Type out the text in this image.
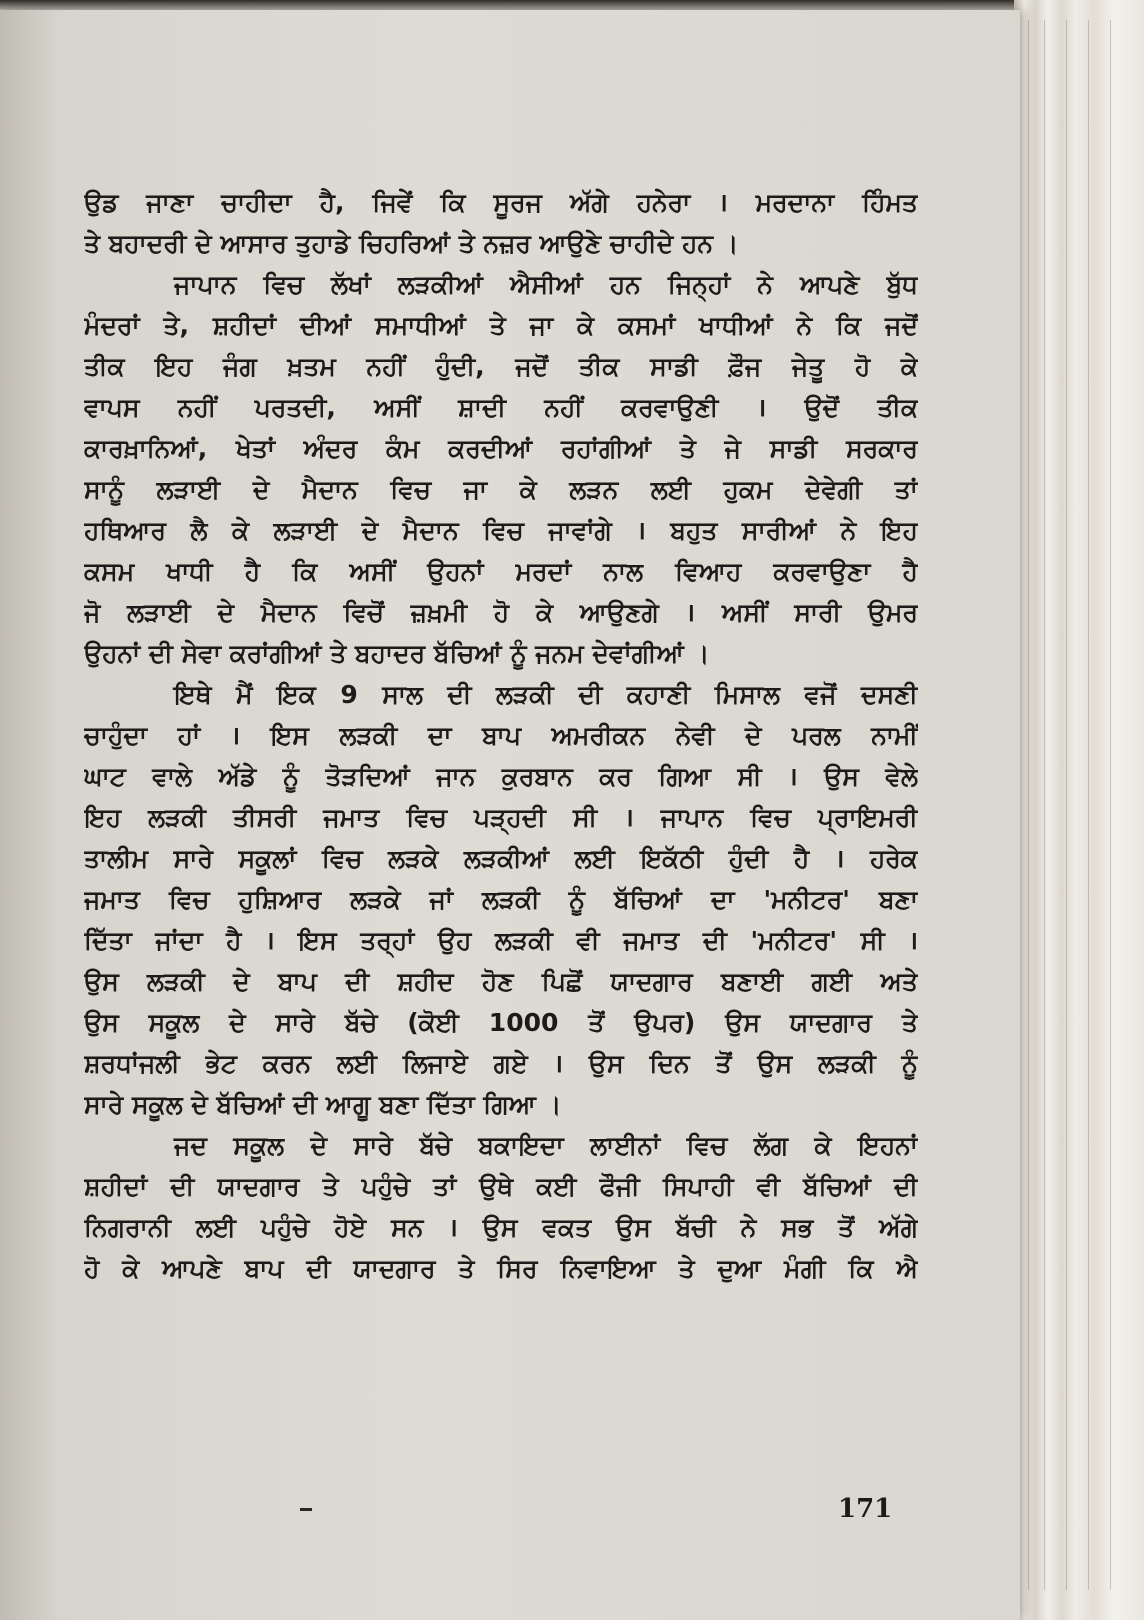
ਉਡ ਜਾਣਾ ਚਾਹੀਦਾ ਹੈ, ਜਿਵੇਂ ਕਿ ਸੂਰਜ ਅੱਗੇ ਹਨੇਰਾ । ਮਰਦਾਨਾ ਹਿੰਮਤ
ਤੇ ਬਹਾਦਰੀ ਦੇ ਆਸਾਰ ਤੁਹਾਡੇ ਚਿਹਰਿਆਂ ਤੇ ਨਜ਼ਰ ਆਉਣੇ ਚਾਹੀਦੇ ਹਨ ।
ਜਾਪਾਨ ਵਿਚ ਲੱਖਾਂ ਲੜਕੀਆਂ ਐਸੀਆਂ ਹਨ ਜਿਨ੍ਹਾਂ ਨੇ ਆਪਣੇ ਬੁੱਧ
ਮੰਦਰਾਂ ਤੇ, ਸ਼ਹੀਦਾਂ ਦੀਆਂ ਸਮਾਧੀਆਂ ਤੇ ਜਾ ਕੇ ਕਸਮਾਂ ਖਾਧੀਆਂ ਨੇ ਕਿ ਜਦੋਂ
ਤੀਕ ਇਹ ਜੰਗ ਖ਼ਤਮ ਨਹੀਂ ਹੁੰਦੀ, ਜਦੋਂ ਤੀਕ ਸਾਡੀ ਫ਼ੌਜ ਜੇਤੂ ਹੋ ਕੇ
ਵਾਪਸ ਨਹੀਂ ਪਰਤਦੀ, ਅਸੀਂ ਸ਼ਾਦੀ ਨਹੀਂ ਕਰਵਾਉਣੀ । ਉਦੋਂ ਤੀਕ
ਕਾਰਖ਼ਾਨਿਆਂ, ਖੇਤਾਂ ਅੰਦਰ ਕੰਮ ਕਰਦੀਆਂ ਰਹਾਂਗੀਆਂ ਤੇ ਜੇ ਸਾਡੀ ਸਰਕਾਰ
ਸਾਨੂੰ ਲੜਾਈ ਦੇ ਮੈਦਾਨ ਵਿਚ ਜਾ ਕੇ ਲੜਨ ਲਈ ਹੁਕਮ ਦੇਵੇਗੀ ਤਾਂ
ਹਥਿਆਰ ਲੈ ਕੇ ਲੜਾਈ ਦੇ ਮੈਦਾਨ ਵਿਚ ਜਾਵਾਂਗੇ । ਬਹੁਤ ਸਾਰੀਆਂ ਨੇ ਇਹ
ਕਸਮ ਖਾਧੀ ਹੈ ਕਿ ਅਸੀਂ ਉਹਨਾਂ ਮਰਦਾਂ ਨਾਲ ਵਿਆਹ ਕਰਵਾਉਣਾ ਹੈ
ਜੋ ਲੜਾਈ ਦੇ ਮੈਦਾਨ ਵਿਚੋਂ ਜ਼ਖ਼ਮੀ ਹੋ ਕੇ ਆਉਣਗੇ । ਅਸੀਂ ਸਾਰੀ ਉਮਰ
ਉਹਨਾਂ ਦੀ ਸੇਵਾ ਕਰਾਂਗੀਆਂ ਤੇ ਬਹਾਦਰ ਬੱਚਿਆਂ ਨੂੰ ਜਨਮ ਦੇਵਾਂਗੀਆਂ ।
ਇਥੇ ਮੈਂ ਇਕ 9 ਸਾਲ ਦੀ ਲੜਕੀ ਦੀ ਕਹਾਣੀ ਮਿਸਾਲ ਵਜੋਂ ਦਸਣੀ
ਚਾਹੁੰਦਾ ਹਾਂ । ਇਸ ਲੜਕੀ ਦਾ ਬਾਪ ਅਮਰੀਕਨ ਨੇਵੀ ਦੇ ਪਰਲ ਨਾਮੀਂ
ਘਾਟ ਵਾਲੇ ਅੱਡੇ ਨੂੰ ਤੋੜਦਿਆਂ ਜਾਨ ਕੁਰਬਾਨ ਕਰ ਗਿਆ ਸੀ । ਉਸ ਵੇਲੇ
ਇਹ ਲੜਕੀ ਤੀਸਰੀ ਜਮਾਤ ਵਿਚ ਪੜ੍ਹਦੀ ਸੀ । ਜਾਪਾਨ ਵਿਚ ਪ੍ਰਾਇਮਰੀ
ਤਾਲੀਮ ਸਾਰੇ ਸਕੂਲਾਂ ਵਿਚ ਲੜਕੇ ਲੜਕੀਆਂ ਲਈ ਇਕੱਠੀ ਹੁੰਦੀ ਹੈ । ਹਰੇਕ
ਜਮਾਤ ਵਿਚ ਹੁਸ਼ਿਆਰ ਲੜਕੇ ਜਾਂ ਲੜਕੀ ਨੂੰ ਬੱਚਿਆਂ ਦਾ 'ਮਨੀਟਰ' ਬਣਾ
ਦਿੱਤਾ ਜਾਂਦਾ ਹੈ । ਇਸ ਤਰ੍ਹਾਂ ਉਹ ਲੜਕੀ ਵੀ ਜਮਾਤ ਦੀ 'ਮਨੀਟਰ' ਸੀ ।
ਉਸ ਲੜਕੀ ਦੇ ਬਾਪ ਦੀ ਸ਼ਹੀਦ ਹੋਣ ਪਿਛੋਂ ਯਾਦਗਾਰ ਬਣਾਈ ਗਈ ਅਤੇ
ਉਸ ਸਕੂਲ ਦੇ ਸਾਰੇ ਬੱਚੇ (ਕੋਈ 1000 ਤੋਂ ਉਪਰ) ਉਸ ਯਾਦਗਾਰ ਤੇ
ਸ਼ਰਧਾਂਜਲੀ ਭੇਟ ਕਰਨ ਲਈ ਲਿਜਾਏ ਗਏ । ਉਸ ਦਿਨ ਤੋਂ ਉਸ ਲੜਕੀ ਨੂੰ
ਸਾਰੇ ਸਕੂਲ ਦੇ ਬੱਚਿਆਂ ਦੀ ਆਗੂ ਬਣਾ ਦਿੱਤਾ ਗਿਆ ।
ਜਦ ਸਕੂਲ ਦੇ ਸਾਰੇ ਬੱਚੇ ਬਕਾਇਦਾ ਲਾਈਨਾਂ ਵਿਚ ਲੱਗ ਕੇ ਇਹਨਾਂ
ਸ਼ਹੀਦਾਂ ਦੀ ਯਾਦਗਾਰ ਤੇ ਪਹੁੰਚੇ ਤਾਂ ਉਥੇ ਕਈ ਫੌਜੀ ਸਿਪਾਹੀ ਵੀ ਬੱਚਿਆਂ ਦੀ
ਨਿਗਰਾਨੀ ਲਈ ਪਹੁੰਚੇ ਹੋਏ ਸਨ । ਉਸ ਵਕਤ ਉਸ ਬੱਚੀ ਨੇ ਸਭ ਤੋਂ ਅੱਗੇ
ਹੋ ਕੇ ਆਪਣੇ ਬਾਪ ਦੀ ਯਾਦਗਾਰ ਤੇ ਸਿਰ ਨਿਵਾਇਆ ਤੇ ਦੁਆ ਮੰਗੀ ਕਿ ਐ
171
